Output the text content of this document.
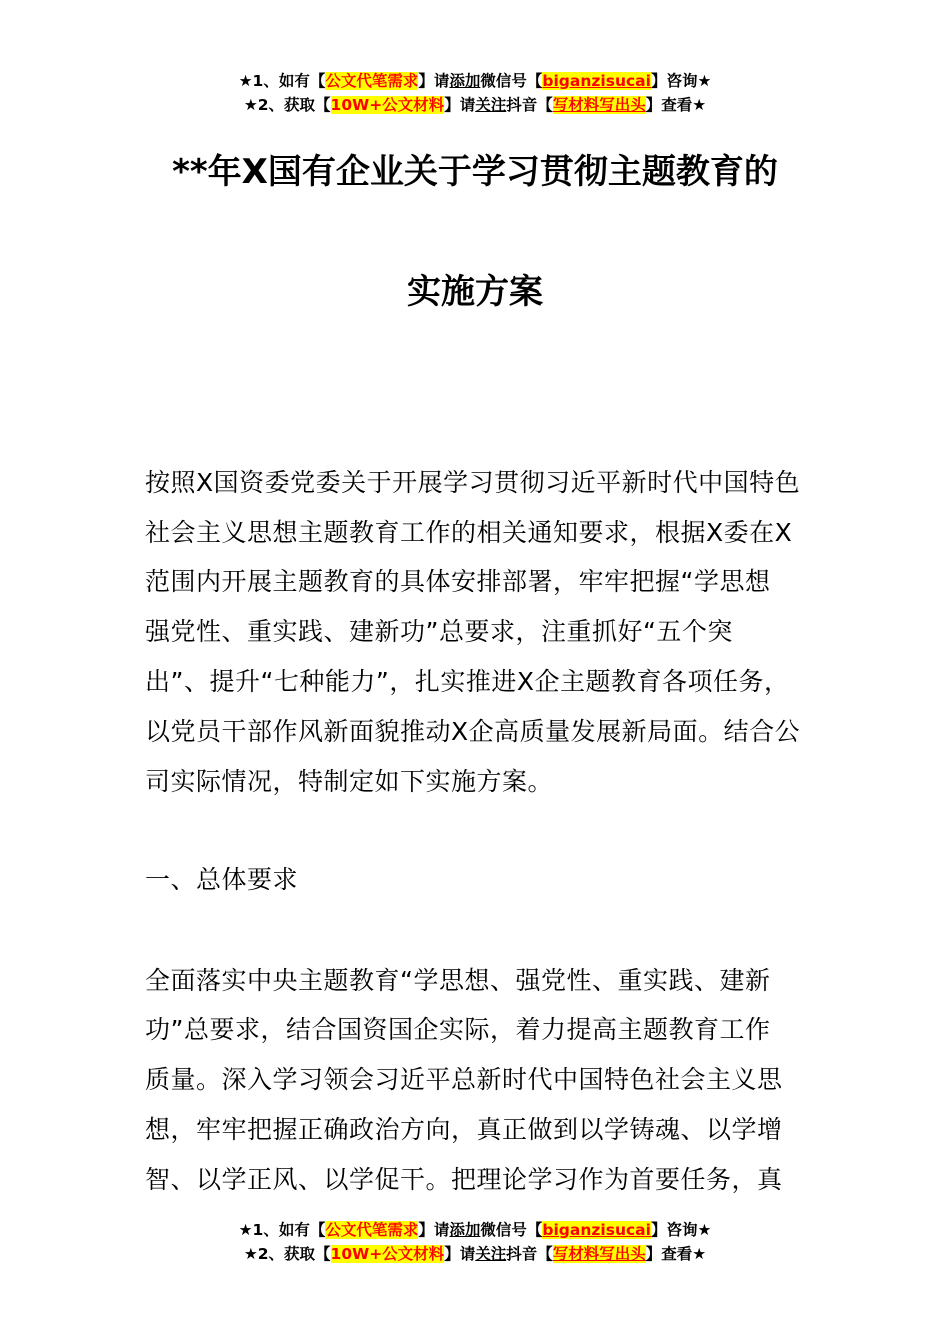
★1、如有【公文代笔需求】请添加微信号【biganzisucai】咨询★
★2、获取【10W+公文材料】请关注抖音【写材料写出头】查看★
**年X国有企业关于学习贯彻主题教育的
实施方案
按照X国资委党委关于开展学习贯彻习近平新时代中国特色
社会主义思想主题教育工作的相关通知要求，根据X委在X
范围内开展主题教育的具体安排部署，牢牢把握“学思想
强党性、重实践、建新功”总要求，注重抓好“五个突
出”、提升“七种能力”，扎实推进X企主题教育各项任务，
以党员干部作风新面貌推动X企高质量发展新局面。结合公
司实际情况，特制定如下实施方案。
一、总体要求
全面落实中央主题教育“学思想、强党性、重实践、建新
功”总要求，结合国资国企实际，着力提高主题教育工作
质量。深入学习领会习近平总新时代中国特色社会主义思
想，牢牢把握正确政治方向，真正做到以学铸魂、以学增
智、以学正风、以学促干。把理论学习作为首要任务，真
★1、如有【公文代笔需求】请添加微信号【biganzisucai】咨询★
★2、获取【10W+公文材料】请关注抖音【写材料写出头】查看★
